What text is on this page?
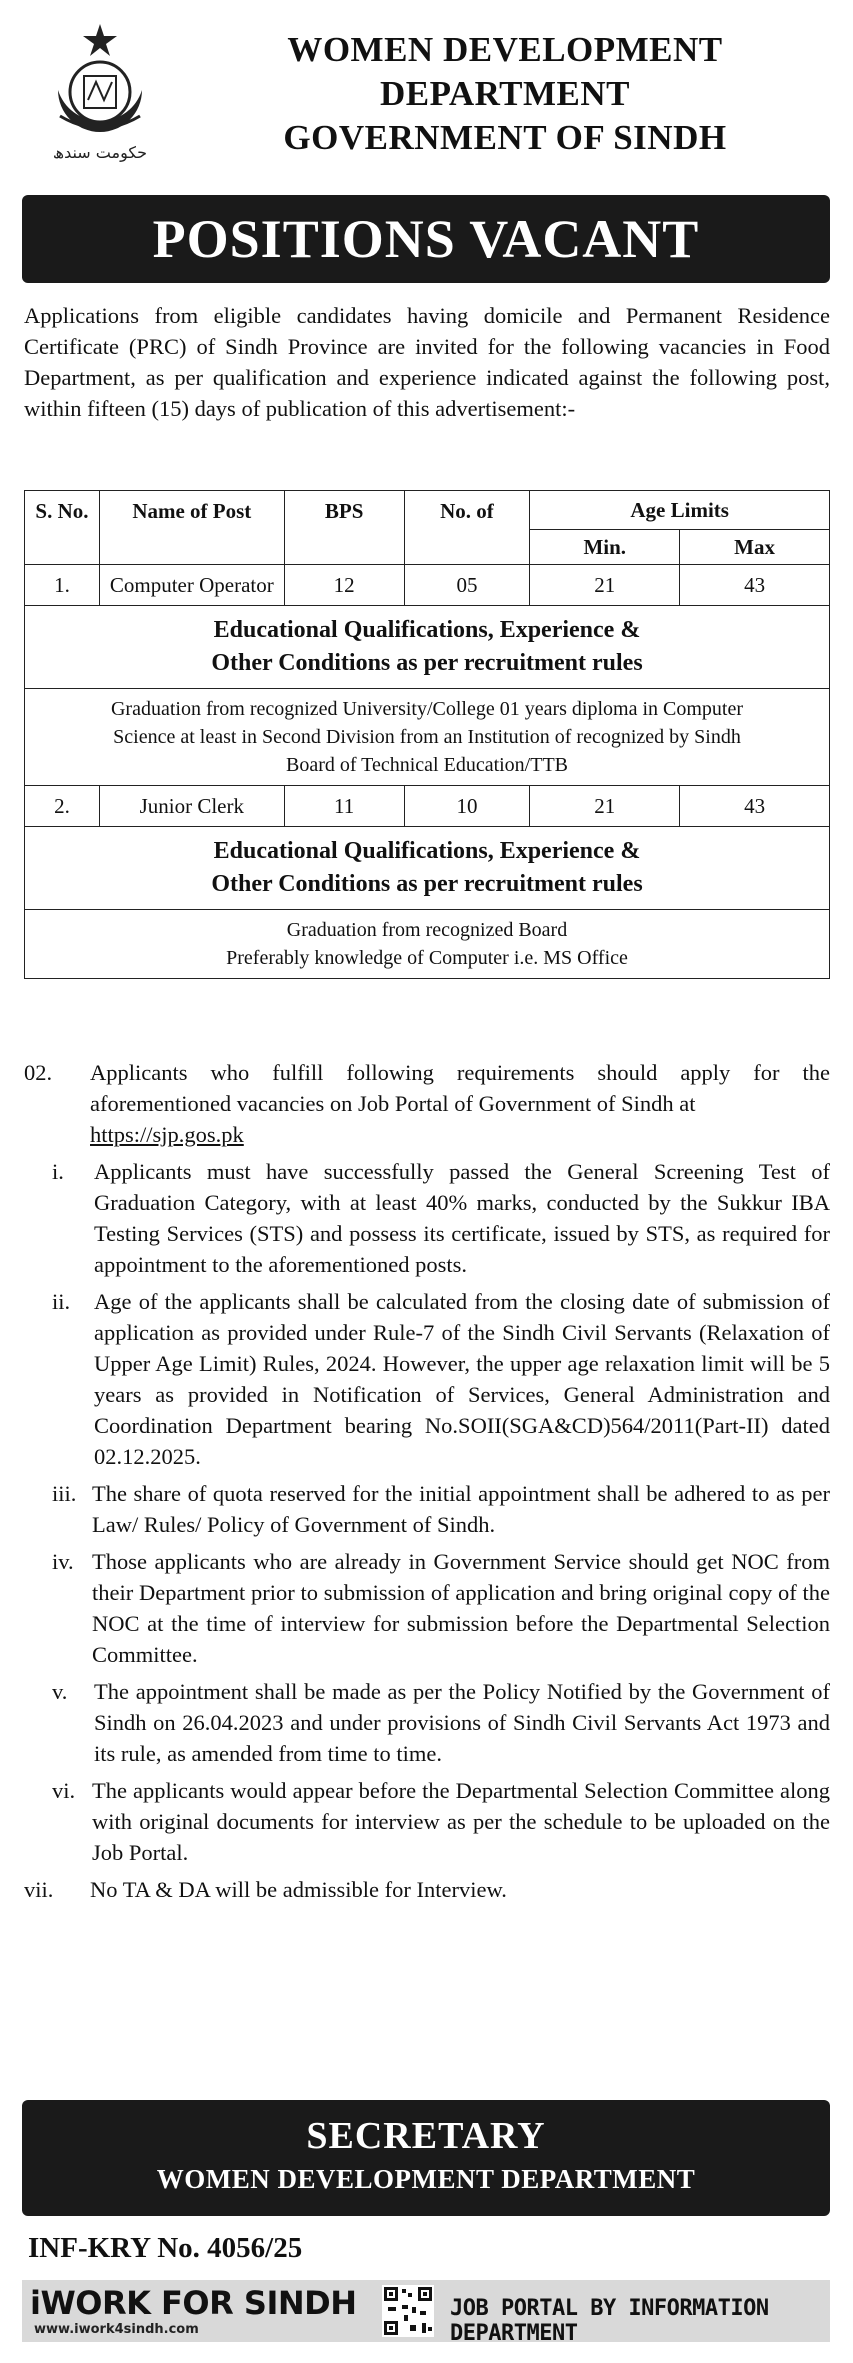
حکومت سندھ
WOMEN DEVELOPMENT
DEPARTMENT
GOVERNMENT OF SINDH
POSITIONS VACANT
Applications from eligible candidates having domicile and Permanent Residence Certificate (PRC) of Sindh Province are invited for the following vacancies in Food Department, as per qualification and experience indicated against the following post, within fifteen (15) days of publication of this advertisement:-
S. No.	Name of Post	BPS	No. of	Age Limits	
				Min.	Max
1.	Computer Operator	12	05	21	43

Educational Qualifications, Experience &
Other Conditions as per recruitment rules					

Graduation from recognized University/College 01 years diploma in Computer
Science at least in Second Division from an Institution of recognized by Sindh
Board of Technical Education/TTB					

2.	Junior Clerk	11	10	21	43

Educational Qualifications, Experience &
Other Conditions as per recruitment rules					

Graduation from recognized Board
Preferably knowledge of Computer i.e. MS Office					
02.	Applicants who fulfill following requirements should apply for the aforementioned vacancies on Job Portal of Government of Sindh at
https://sjp.gos.pk
i.	Applicants must have successfully passed the General Screening Test of Graduation Category, with at least 40% marks, conducted by the Sukkur IBA Testing Services (STS) and possess its certificate, issued by STS, as required for appointment to the aforementioned posts.
ii.	Age of the applicants shall be calculated from the closing date of submission of application as provided under Rule-7 of the Sindh Civil Servants (Relaxation of Upper Age Limit) Rules, 2024. However, the upper age relaxation limit will be 5 years as provided in Notification of Services, General Administration and Coordination Department bearing No.SOII(SGA&CD)564/2011(Part-II) dated 02.12.2025.
iii. The share of quota reserved for the initial appointment shall be adhered to as per Law/ Rules/ Policy of Government of Sindh.
iv. Those applicants who are already in Government Service should get NOC from their Department prior to submission of application and bring original copy of the NOC at the time of interview for submission before the Departmental Selection Committee.
v.	The appointment shall be made as per the Policy Notified by the Government of Sindh on 26.04.2023 and under provisions of Sindh Civil Servants Act 1973 and its rule, as amended from time to time.
vi. The applicants would appear before the Departmental Selection Committee along with original documents for interview as per the schedule to be uploaded on the Job Portal.
vii.	No TA & DA will be admissible for Interview.
SECRETARY
WOMEN DEVELOPMENT DEPARTMENT
INF-KRY No. 4056/25
iWORK FOR SINDH
www.iwork4sindh.com
JOB PORTAL BY INFORMATION DEPARTMENT
